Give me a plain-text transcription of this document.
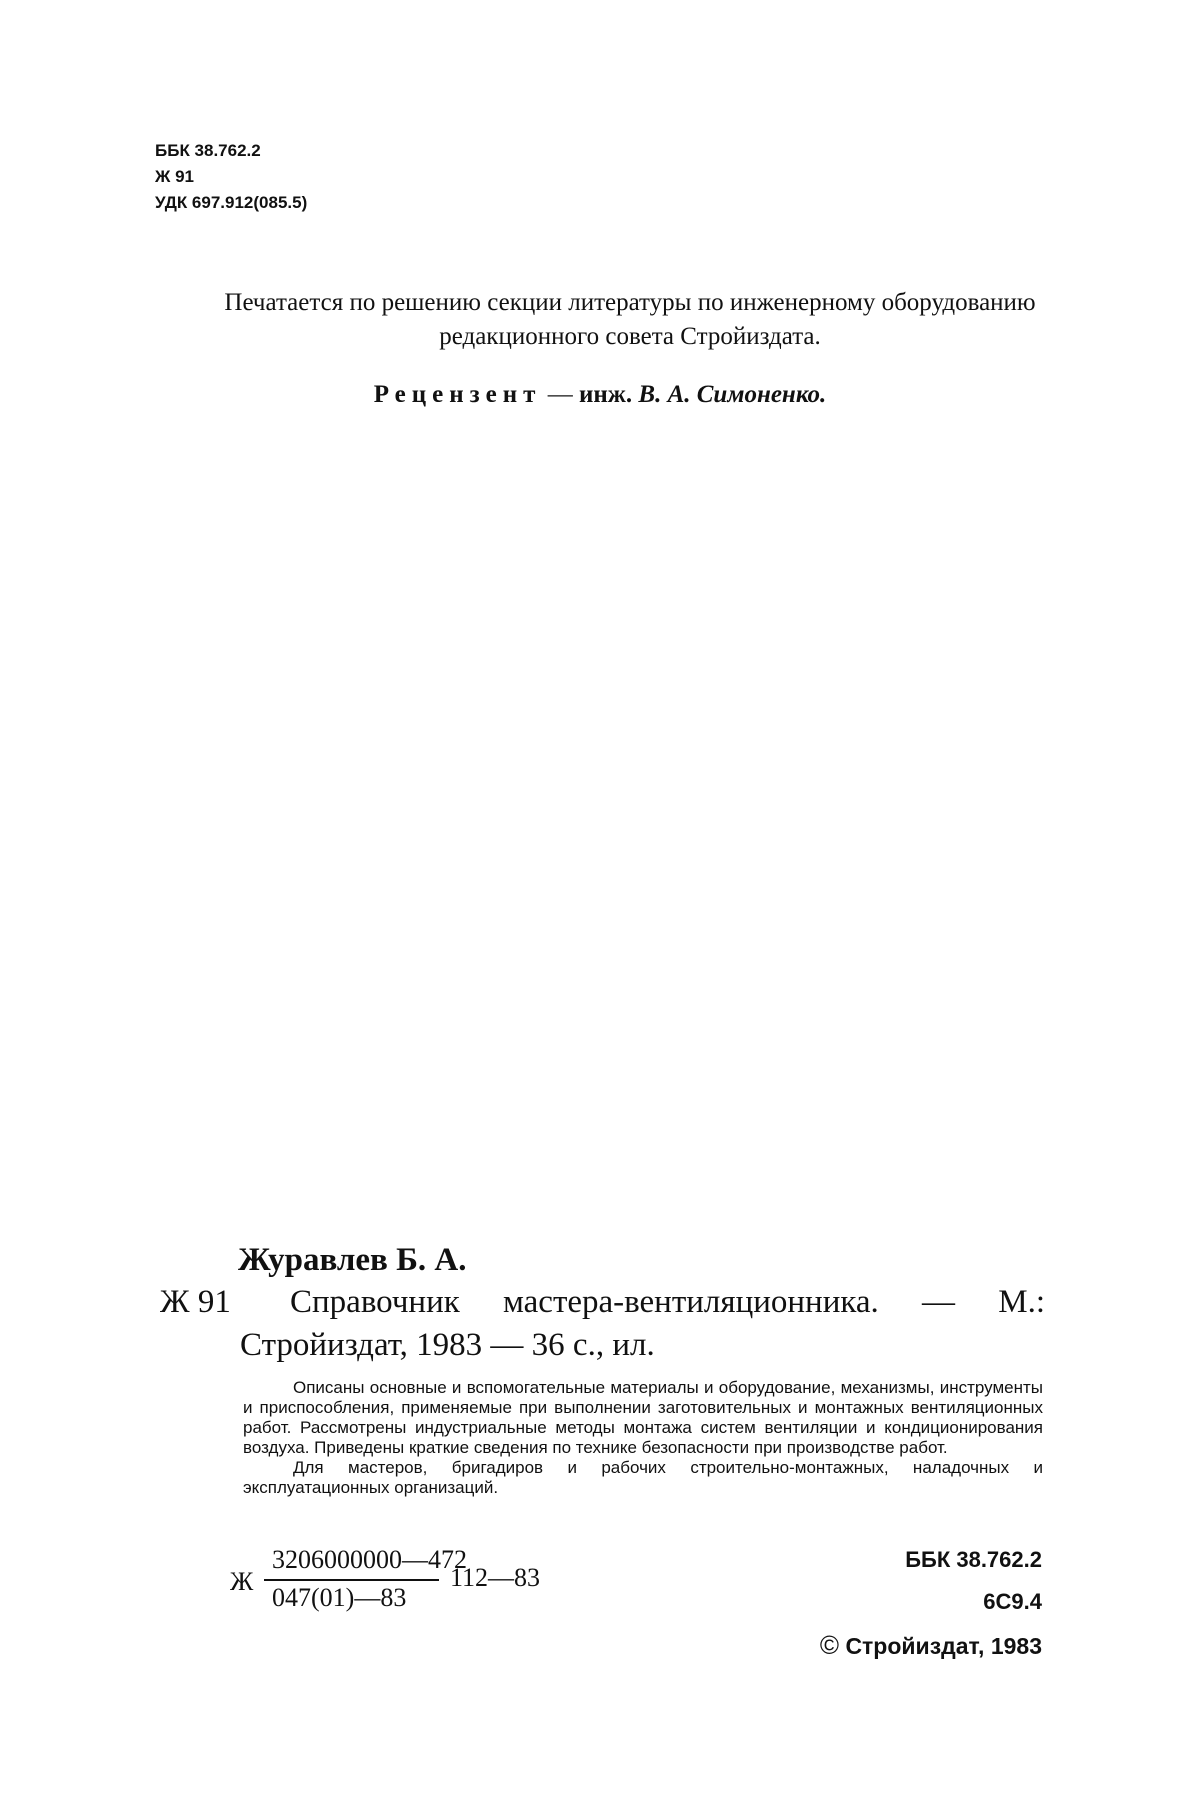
ББК 38.762.2
Ж 91
УДК 697.912(085.5)
Печатается по решению секции литературы по инженерному оборудованию редакционного совета Стройиздата.
Рецензент — инж. В. А. Симоненко.
Журавлев Б. А.
Ж 91 Справочник мастера-вентиляционника. — М.:
Стройиздат, 1983 — 36 с., ил.

Описаны основные и вспомогательные материалы и оборудование, механизмы, инструменты и приспособления, применяемые при выполнении заготовительных и монтажных вентиляционных работ. Рассмотрены индустриальные методы монтажа систем вентиляции и кондиционирования воздуха. Приведены краткие сведения по технике безопасности при производстве работ.

Для мастеров, бригадиров и рабочих строительно-монтажных, наладочных и эксплуатационных организаций.

Ж
3206000000—472
047(01)—83
112—83
ББК 38.762.2
6С9.4
© Стройиздат, 1983
